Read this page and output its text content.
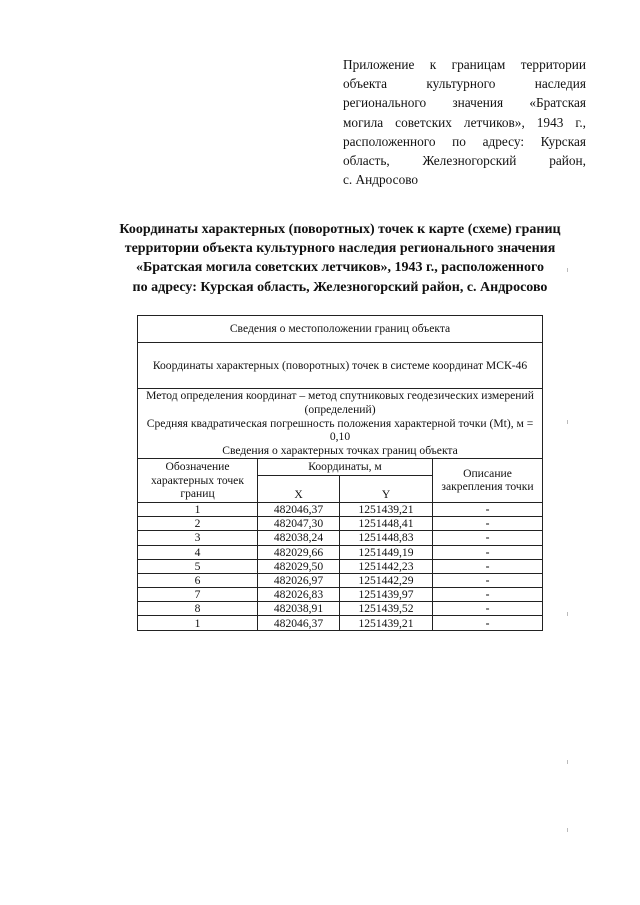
Приложение к границам территории
объекта культурного наследия
регионального значения «Братская
могила советских летчиков», 1943 г.,
расположенного по адресу: Курская
область, Железногорский район,
с. Андросово
Координаты характерных (поворотных) точек к карте (схеме) границ
территории объекта культурного наследия регионального значения
«Братская могила советских летчиков», 1943 г., расположенного
по адресу: Курская область, Железногорский район, с. Андросово
Сведения о местоположении границ объекта			
Координаты характерных (поворотных) точек в системе координат МСК-46			

Метод определения координат – метод спутниковых геодезических измерений (определений)
Средняя квадратическая погрешность положения характерной точки (Mt), м = 0,10
Сведения о характерных точках границ объекта			

Обозначение характерных точек границ	Координаты, м		Описание закрепления точки
	X	Y	
1	482046,37	1251439,21	-
2	482047,30	1251448,41	-
3	482038,24	1251448,83	-
4	482029,66	1251449,19	-
5	482029,50	1251442,23	-
6	482026,97	1251442,29	-
7	482026,83	1251439,97	-
8	482038,91	1251439,52	-
1	482046,37	1251439,21	-
